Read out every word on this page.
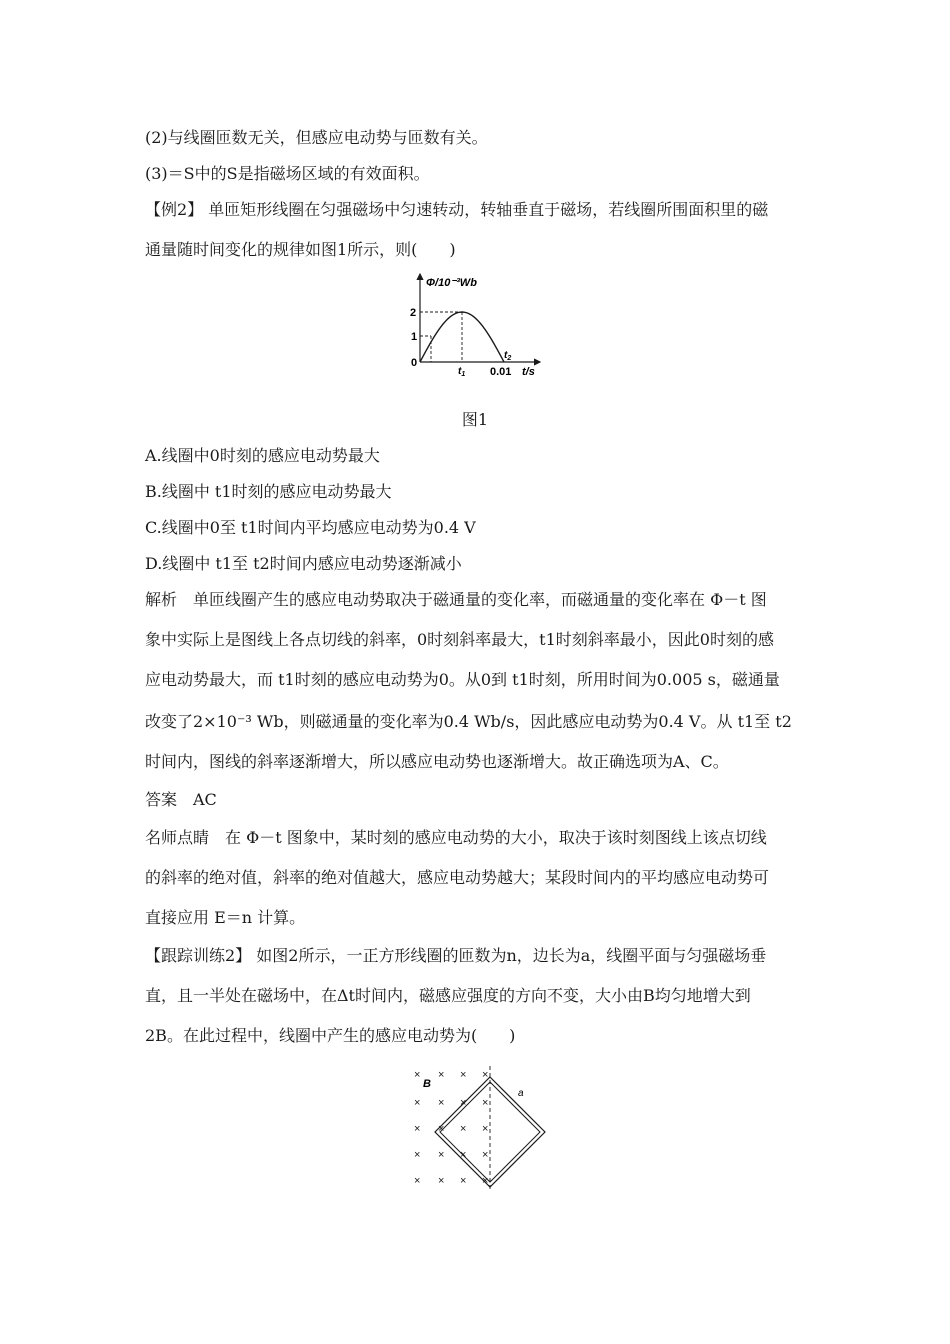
(2)与线圈匝数无关，但感应电动势与匝数有关。
(3)＝S中的S是指磁场区域的有效面积。
【例2】 单匝矩形线圈在匀强磁场中匀速转动，转轴垂直于磁场，若线圈所围面积里的磁
通量随时间变化的规律如图1所示，则(　　)
Φ/10⁻³Wb
t/s
2
1
0
$t_1$
$t_2$
0.01
图1
A.线圈中0时刻的感应电动势最大
B.线圈中 t1时刻的感应电动势最大
C.线圈中0至 t1时间内平均感应电动势为0.4 V
D.线圈中 t1至 t2时间内感应电动势逐渐减小
解析　单匝线圈产生的感应电动势取决于磁通量的变化率，而磁通量的变化率在 Φ－t 图
象中实际上是图线上各点切线的斜率，0时刻斜率最大，t1时刻斜率最小，因此0时刻的感
应电动势最大，而 t1时刻的感应电动势为0。从0到 t1时刻，所用时间为0.005 s，磁通量
改变了2×10⁻³ Wb，则磁通量的变化率为0.4 Wb/s，因此感应电动势为0.4 V。从 t1至 t2
时间内，图线的斜率逐渐增大，所以感应电动势也逐渐增大。故正确选项为A、C。
答案　AC
名师点睛　在 Φ－t 图象中，某时刻的感应电动势的大小，取决于该时刻图线上该点切线
的斜率的绝对值，斜率的绝对值越大，感应电动势越大；某段时间内的平均感应电动势可
直接应用 E＝n 计算。
【跟踪训练2】 如图2所示，一正方形线圈的匝数为n，边长为a，线圈平面与匀强磁场垂
直，且一半处在磁场中，在Δt时间内，磁感应强度的方向不变，大小由B均匀地增大到
2B。在此过程中，线圈中产生的感应电动势为(　　)
× × × ×
× × × ×
× × × ×
× × × ×
× × × ×
B
a
